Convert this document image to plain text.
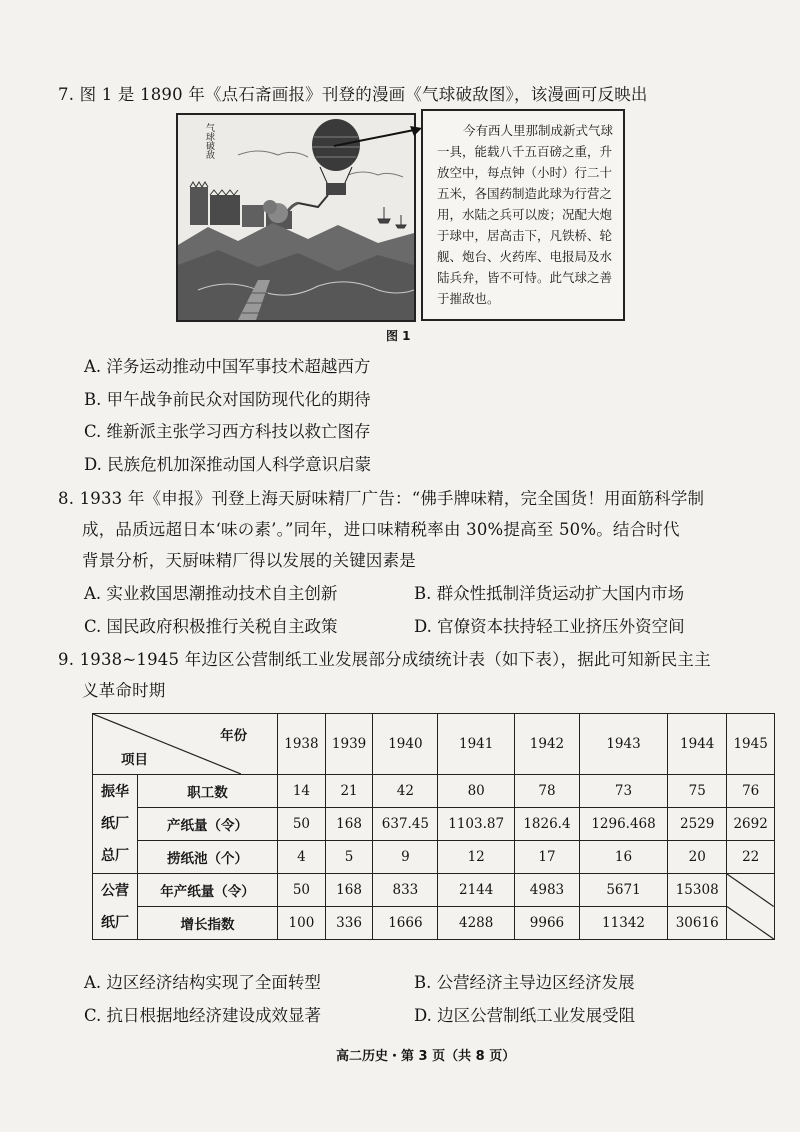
7. 图 1 是 1890 年《点石斋画报》刊登的漫画《气球破敌图》，该漫画可反映出
气球破敌	今有西人里那制成新式气球
一具，能载八千五百磅之重，升
放空中，每点钟（小时）行二十
五米，各国药制造此球为行营之
用，水陆之兵可以废；况配大炮
于球中，居高击下，凡铁桥、轮
舰、炮台、火药库、电报局及水
陆兵弁，皆不可恃。此气球之善
于摧敌也。
图 1
A. 洋务运动推动中国军事技术超越西方
B. 甲午战争前民众对国防现代化的期待
C. 维新派主张学习西方科技以救亡图存
D. 民族危机加深推动国人科学意识启蒙
8. 1933 年《申报》刊登上海天厨味精厂广告：“佛手牌味精，完全国货！用面筋科学制
成，品质远超日本‘味の素’。”同年，进口味精税率由 30%提高至 50%。结合时代
背景分析，天厨味精厂得以发展的关键因素是
A. 实业救国思潮推动技术自主创新	B. 群众性抵制洋货运动扩大国内市场
C. 国民政府积极推行关税自主政策	D. 官僚资本扶持轻工业挤压外资空间
9. 1938~1945 年边区公营制纸工业发展部分成绩统计表（如下表），据此可知新民主主
义革命时期
年份
项目		1938	1939	1940	1941	1942	1943	1944	1945

振华
纸厂
总厂	职工数	14	21	42	80	78	73	75	76
	产纸量（令）	50	168	637.45	1103.87	1826.4	1296.468	2529	2692
	捞纸池（个）	4	5	9	12	17	16	20	22

公营
纸厂	年产纸量（令）	50	168	833	2144	4983	5671	15308	

	增长指数	100	336	1666	4288	9966	11342	30616	
A. 边区经济结构实现了全面转型	B. 公营经济主导边区经济发展
C. 抗日根据地经济建设成效显著	D. 边区公营制纸工业发展受阻
高二历史・第 3 页（共 8 页）
